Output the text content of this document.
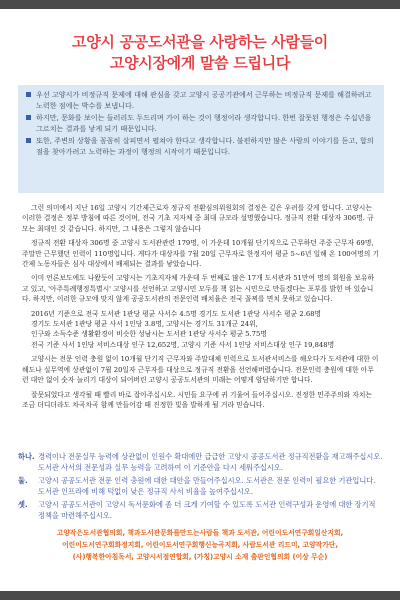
고양시 공공도서관을 사랑하는 사람들이
고양시장에게 말씀 드립니다

우선 고양시가 비정규직 문제에 대해 관심을 갖고 고양시 공공기관에서 근무하는 비정규직 문제를 해결하려고 노력한 점에는 박수를 보냅니다.

하지만, 문화를 보이는 들러리도 두드리며 가이 하는 것이 행정이라 생각합니다. 한번 잘못된 행정은 수십년을 그르치는 결과를 낳게 되기 때문입니다.

또한, 주변의 상황을 꼼꼼히 살피면서 펼쳐야 한다고 생각합니다. 불편하지만 많은 사람의 이야기를 듣고, 합의점을 찾아가려고 노력하는 과정이 행정의 시작이기 때문입니다.

그런 의미에서 지난 16일 고양시 기간제근로자 정규직 전환심의위원회의 결정은 깊은 우려를 갖게 합니다. 고양시는 이러한 결정은 정부 방침에 따른 것이며, 전국 기초 지자체 중 최대 규모라 설명했습니다. 정규직 전환 대상자 306명. 규모는 최대인 것 같습니다. 하지만, 그 내용은 그렇지 않습니다

정규직 전환 대상자 306명 중 고양시 도서관관련 179명, 이 가운데 10개월 단기직으로 근무하던 주중 근무자 69명, 주말만 근무했던 인력이 110명입니다. 게다가 대상자를 7월 20일 근무자로 한정지어 평균 5~6년 일해 온 100여명의 기간제 노동자들은 심사 대상에서 배제되는 결과를 낳았습니다.

이미 언론보도에도 나왔듯이 고양시는 기초지자체 가운데 두 번째로 많은 17개 도서관과 51만여 명의 회원을 보유하고 있고, '아주특례행정특별시' 고양시를 선언하고 고양시민 모두를 책 읽는 시민으로 만들겠다는 포부를 밝힌 바 있습니다. 하지만, 이러한 규모에 맞지 않게 공공도서관의 전문인력 배치율은 전국 꼴찌를 면치 못하고 있습니다.

2016년 기준으로 전국 도서관 1관당 평균 사서수 4.5명 경기도 도서관 1관당 사서수 평균 2.68명

경기도 도서관 1관당 평균 사서 1인당 3.8명, 고양시는 경기도 31개군 24위,

인구와 소득수준 생활환경이 비슷한 성남시는 도서관 1관당 사서수 평균 5.75명

전국 기준 사서 1인당 서비스대상 인구 12,652명, 고양시 기준 사서 1인당 서비스대상 인구 19,848명

고양시는 전문 인력 충원 없이 10개월 단기직 근무자와 주말대체 인력으로 도서관서비스를 해오다가 도서관에 대한 이해도나 실무역에 상관없이 7월 20일자 근무자를 대상으로 정규직 전환을 선언해버렸습니다. 전문인력 충원에 대한 아무런 대안 없이 숫자 늘리기 대상이 되어버린 고양시 공공도서관의 미래는 어떻게 암담하기만 합니다.

잘못되었다고 생각될 때 빨리 바로 잡아주십시오. 시민들 요구에 귀 기울여 들어주십시오. 진정한 민주주의와 자치는 조금 더디더라도 차곡차곡 함께 만들어감 때 진정한 빛을 발하게 될 거라 믿습니다.

하나. 경력이나 전문실무 능력에 상관없이 인원수 확대에만 급급한 고양시 공공도서관 정규직전환을 재고해주십시오. 도서관 사서의 전문성과 실무 능력을 고려하여 이 기준안을 다시 세워주십시오.

둘. 고양시 공공도서관 전문 인력 충원에 대한 대안을 만들어주십시오. 도서관은 전문 인력이 필요한 기관입니다. 도서관 인프라에 비해 턱없이 낮은 정규직 사서 비율을 높여주십시오.

셋. 고양시 공공도서관이 고양시 독서문화에 좀 더 크게 기여할 수 있도록 도서관 인력구성과 운영에 대한 장기적 정책을 마련해주십시오.

고양작은도서관협의회, 책과도서관문화를만드는사람들 책과 도서관, 어린이도서연구회일산지회,
어린이도서연구회화정지회, 어린이도서연구회행신능곡지회, 사람도서관 리드미, 고양작가단,
(사)행복한아침독서, 고양시서점연합회, (가칭)고양시 소재 출판인협의회 (이상 무순)
